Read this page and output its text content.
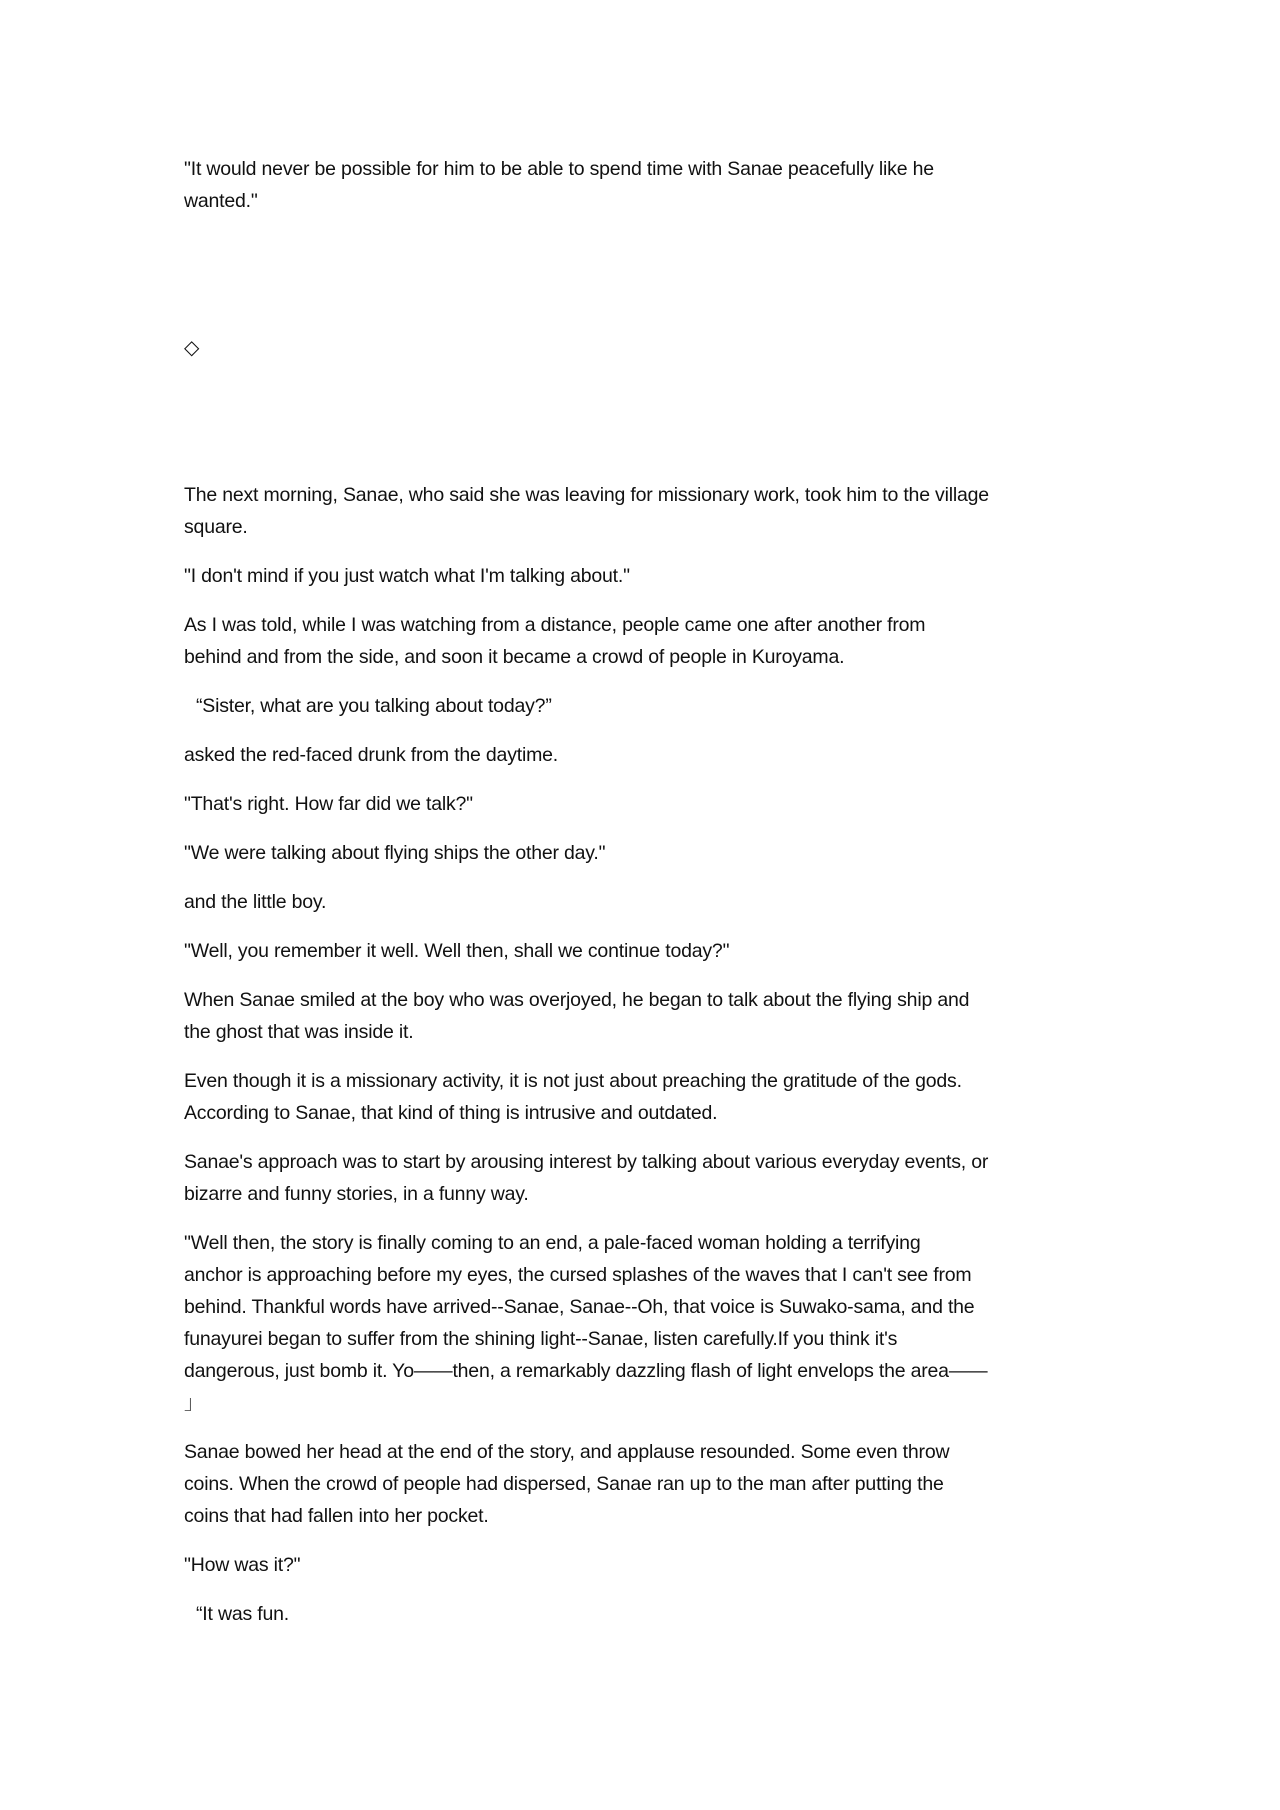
"It would never be possible for him to be able to spend time with Sanae peacefully like he
wanted."
◇
The next morning, Sanae, who said she was leaving for missionary work, took him to the village
square.
"I don't mind if you just watch what I'm talking about."
As I was told, while I was watching from a distance, people came one after another from
behind and from the side, and soon it became a crowd of people in Kuroyama.
“Sister, what are you talking about today?”
asked the red-faced drunk from the daytime.
"That's right. How far did we talk?"
"We were talking about flying ships the other day."
and the little boy.
"Well, you remember it well. Well then, shall we continue today?"
When Sanae smiled at the boy who was overjoyed, he began to talk about the flying ship and
the ghost that was inside it.
Even though it is a missionary activity, it is not just about preaching the gratitude of the gods.
According to Sanae, that kind of thing is intrusive and outdated.
Sanae's approach was to start by arousing interest by talking about various everyday events, or
bizarre and funny stories, in a funny way.
"Well then, the story is finally coming to an end, a pale-faced woman holding a terrifying
anchor is approaching before my eyes, the cursed splashes of the waves that I can't see from
behind. Thankful words have arrived--Sanae, Sanae--Oh, that voice is Suwako-sama, and the
funayurei began to suffer from the shining light--Sanae, listen carefully.If you think it's
dangerous, just bomb it. Yo——then, a remarkably dazzling flash of light envelops the area——
」
Sanae bowed her head at the end of the story, and applause resounded. Some even throw
coins. When the crowd of people had dispersed, Sanae ran up to the man after putting the
coins that had fallen into her pocket.
"How was it?"
“It was fun.
